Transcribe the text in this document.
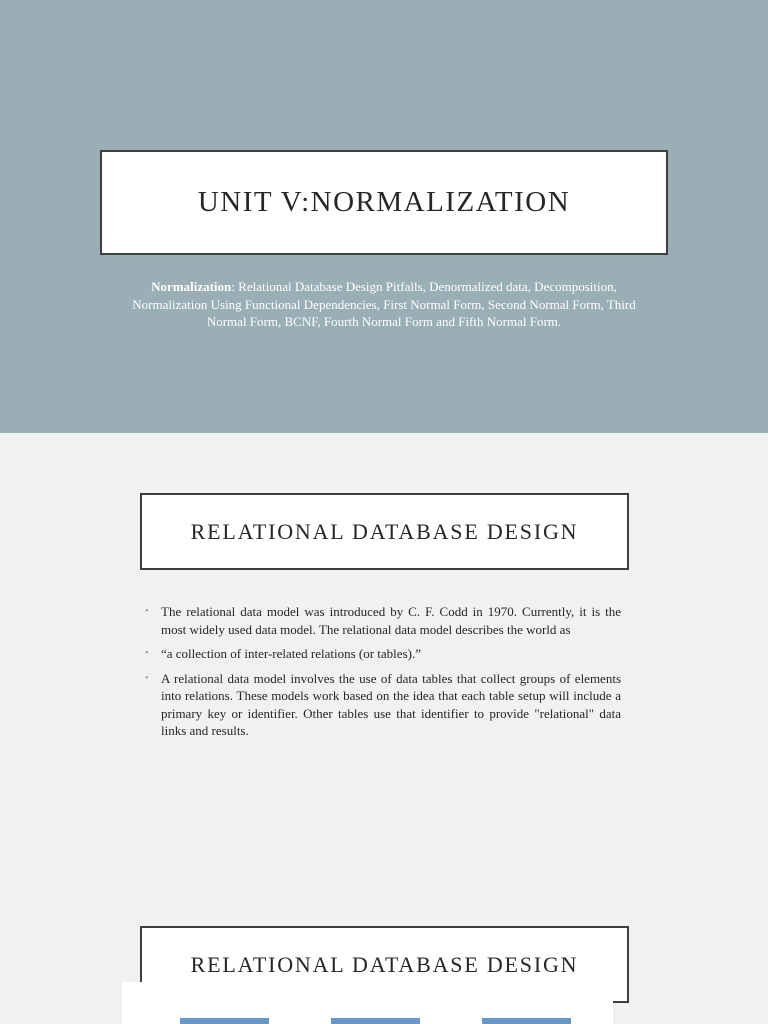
UNIT V:NORMALIZATION
Normalization: Relational Database Design Pitfalls, Denormalized data, Decomposition, Normalization Using Functional Dependencies, First Normal Form, Second Normal Form, Third Normal Form, BCNF, Fourth Normal Form and Fifth Normal Form.
RELATIONAL DATABASE DESIGN
• The relational data model was introduced by C. F. Codd in 1970. Currently, it is the most widely used data model. The relational data model describes the world as
• “a collection of inter-related relations (or tables).”
• A relational data model involves the use of data tables that collect groups of elements into relations. These models work based on the idea that each table setup will include a primary key or identifier. Other tables use that identifier to provide "relational" data links and results.
RELATIONAL DATABASE DESIGN
